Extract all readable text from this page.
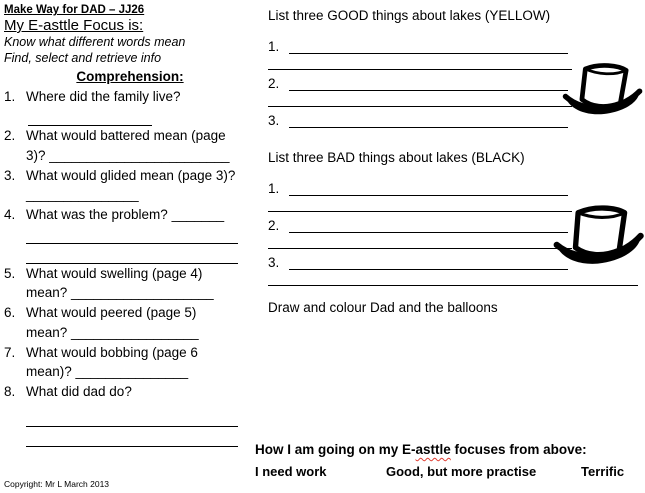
Make Way for DAD – JJ26
My E-asttle Focus is:
Know what different words mean
Find, select and retrieve info
Comprehension:
1. Where did the family live?
2. What would battered mean (page 3)? ________________________
3. What would glided mean (page 3)?_______________
4. What was the problem? _______
5. What would swelling (page 4) mean? ___________________
6. What would peered (page 5) mean? _________________
7. What would bobbing (page 6 mean)? _______________
8. What did dad do?
List three GOOD things about lakes (YELLOW)
1.
2.
3.
List three BAD things about lakes (BLACK)
1.
2.
3.
Draw and colour Dad and the balloons
How I am going on my E-asttle focuses from above:
I need work	Good, but more practise	Terrific
Copyright: Mr L March 2013
